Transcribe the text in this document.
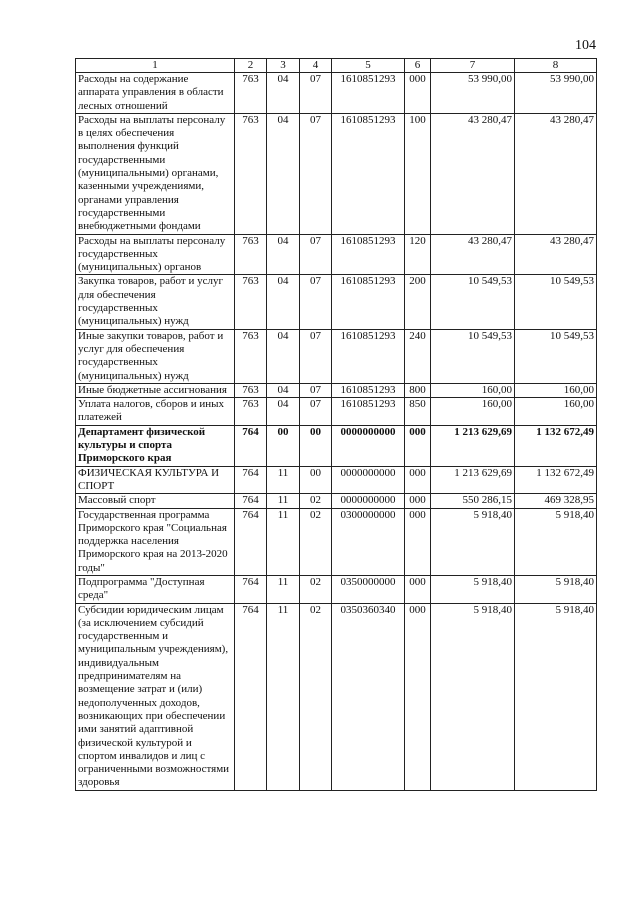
104
1	2	3	4	5	6	7	8
Расходы на содержание аппарата управления в области лесных отношений	763	04	07	1610851293	000	53 990,00	53 990,00
Расходы на выплаты персоналу в целях обеспечения выполнения функций государственными (муниципальными) органами, казенными учреждениями, органами управления государственными внебюджетными фондами	763	04	07	1610851293	100	43 280,47	43 280,47
Расходы на выплаты персоналу государственных (муниципальных) органов	763	04	07	1610851293	120	43 280,47	43 280,47
Закупка товаров, работ и услуг для обеспечения государственных (муниципальных) нужд	763	04	07	1610851293	200	10 549,53	10 549,53
Иные закупки товаров, работ и услуг для обеспечения государственных (муниципальных) нужд	763	04	07	1610851293	240	10 549,53	10 549,53
Иные бюджетные ассигнования	763	04	07	1610851293	800	160,00	160,00
Уплата налогов, сборов и иных платежей	763	04	07	1610851293	850	160,00	160,00
Департамент физической культуры и спорта Приморского края	764	00	00	0000000000	000	1 213 629,69	1 132 672,49
ФИЗИЧЕСКАЯ КУЛЬТУРА И СПОРТ	764	11	00	0000000000	000	1 213 629,69	1 132 672,49
Массовый спорт	764	11	02	0000000000	000	550 286,15	469 328,95
Государственная программа Приморского края "Социальная поддержка населения Приморского края на 2013-2020 годы"	764	11	02	0300000000	000	5 918,40	5 918,40
Подпрограмма "Доступная среда"	764	11	02	0350000000	000	5 918,40	5 918,40
Субсидии юридическим лицам (за исключением субсидий государственным и муниципальным учреждениям), индивидуальным предпринимателям на возмещение затрат и (или) недополученных доходов, возникающих при обеспечении ими занятий адаптивной физической культурой и спортом инвалидов и лиц с ограниченными возможностями здоровья	764	11	02	0350360340	000	5 918,40	5 918,40
